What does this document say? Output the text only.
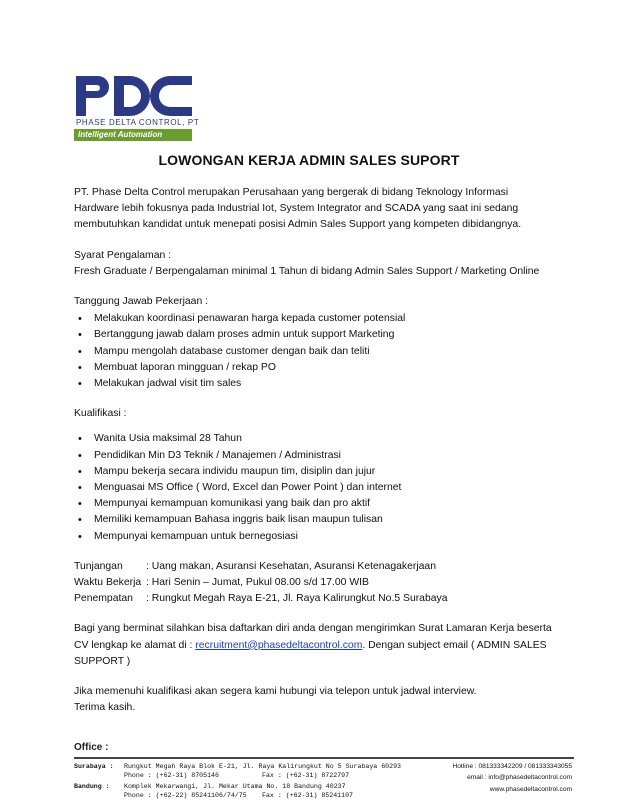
PHASE DELTA CONTROL, PT
Intelligent Automation
LOWONGAN KERJA ADMIN SALES SUPORT

PT. Phase Delta Control merupakan Perusahaan yang bergerak di bidang Teknology Informasi Hardware lebih fokusnya pada Industrial Iot, System Integrator and SCADA yang saat ini sedang membutuhkan kandidat untuk menepati posisi Admin Sales Support yang kompeten dibidangnya.

Syarat Pengalaman :

Fresh Graduate / Berpengalaman minimal 1 Tahun di bidang Admin Sales Support / Marketing Online

Tanggung Jawab Pekerjaan :

• Melakukan koordinasi penawaran harga kepada customer potensial
• Bertanggung jawab dalam proses admin untuk support Marketing
• Mampu mengolah database customer dengan baik dan teliti
• Membuat laporan mingguan / rekap PO
• Melakukan jadwal visit tim sales

Kualifikasi :

• Wanita Usia maksimal 28 Tahun
• Pendidikan Min D3 Teknik / Manajemen / Administrasi
• Mampu bekerja secara individu maupun tim, disiplin dan jujur
• Menguasai MS Office ( Word, Excel dan Power Point ) dan internet
• Mempunyai kemampuan komunikasi yang baik dan pro aktif
• Memiliki kemampuan Bahasa inggris baik lisan maupun tulisan
• Mempunyai kemampuan untuk bernegosiasi
Tunjangan	: Uang makan, Asuransi Kesehatan, Asuransi Ketenagakerjaan
Waktu Bekerja : Hari Senin – Jumat, Pukul 08.00 s/d 17.00 WIB
Penempatan	: Rungkut Megah Raya E-21, Jl. Raya Kalirungkut No.5 Surabaya

Bagi yang berminat silahkan bisa daftarkan diri anda dengan mengirimkan Surat Lamaran Kerja beserta CV lengkap ke alamat di : recruitment@phasedeltacontrol.com. Dengan subject email ( ADMIN SALES SUPPORT )

Jika memenuhi kualifikasi akan segera kami hubungi via telepon untuk jadwal interview.

Terima kasih.

Office :
Surabaya : Rungkut Megah Raya Blok E-21, Jl. Raya Kalirungkut No 5 Surabaya 60293
Phone : (+62-31) 8705146	Fax : (+62-31) 8722797
Bandung : Komplek Mekarwangi, Jl. Mekar Utama No. 18 Bandung 40237
Phone : (+62-22) 85241106/74/75 Fax : (+62-31) 85241107
Hotline : 081333342209 / 081333343055
email : info@phasedeltacontrol.com
www.phasedeltacontrol.com
